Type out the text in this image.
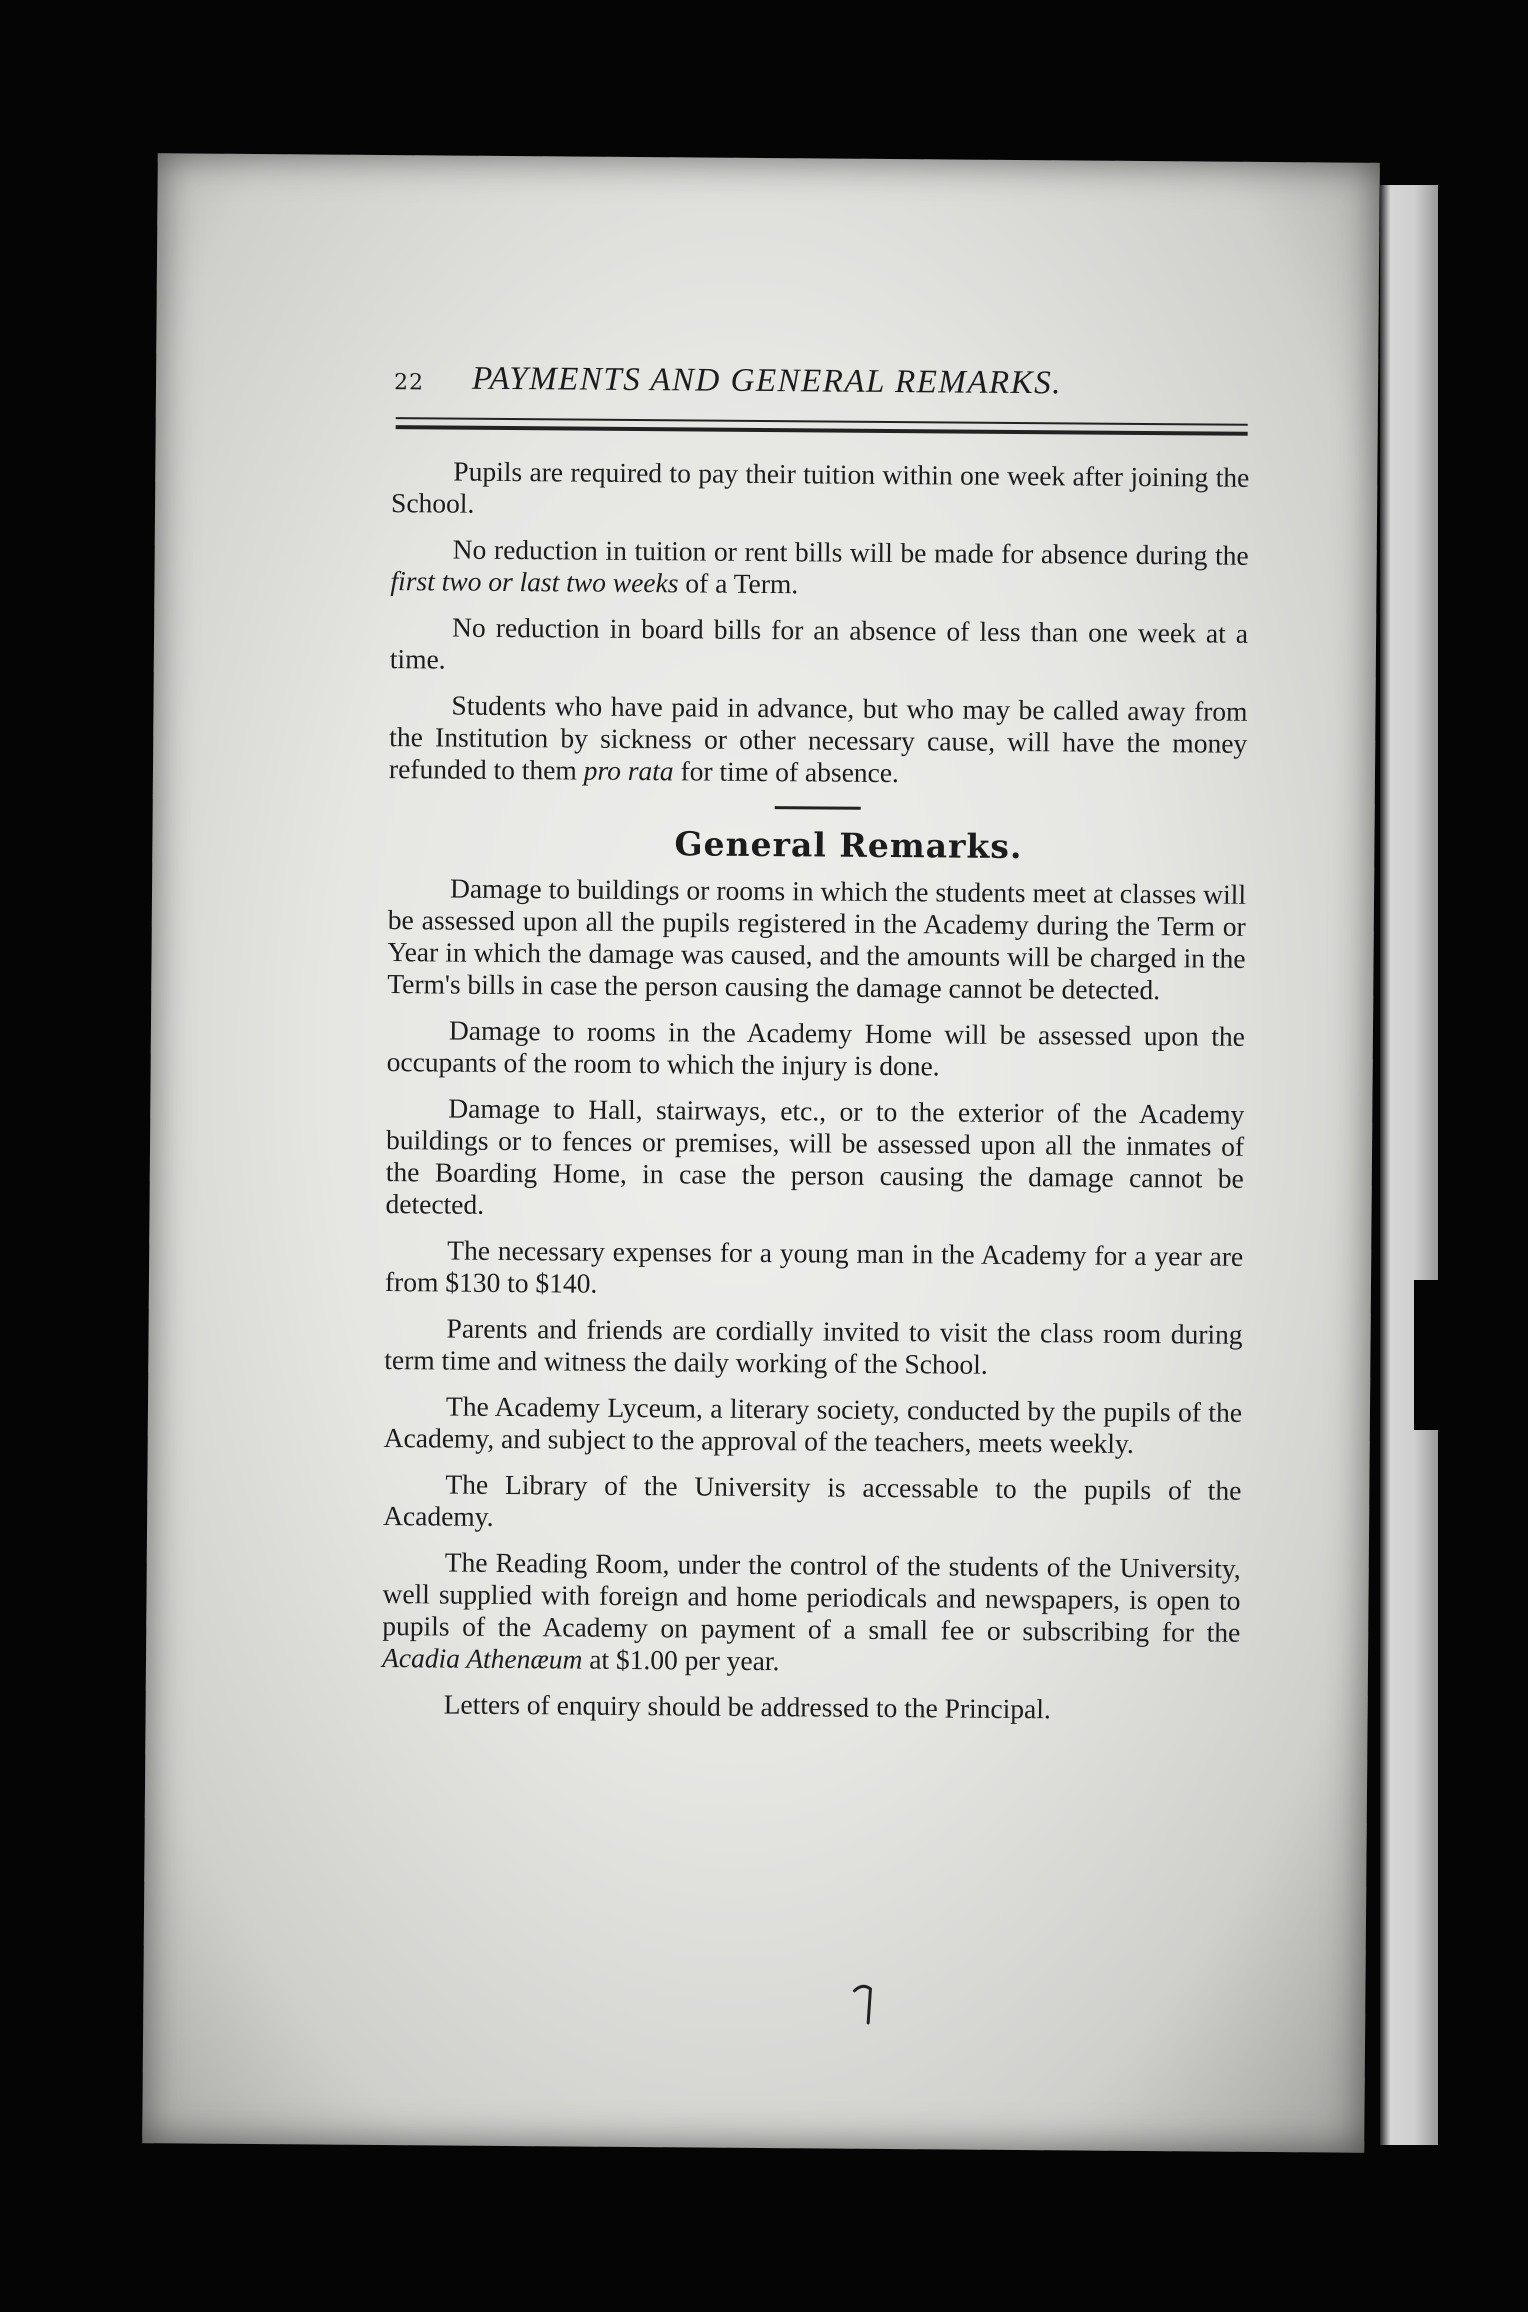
22 PAYMENTS AND GENERAL REMARKS.

Pupils are required to pay their tuition within one week after joining the School.

No reduction in tuition or rent bills will be made for absence during the first two or last two weeks of a Term.

No reduction in board bills for an absence of less than one week at a time.

Students who have paid in advance, but who may be called away from the Institution by sickness or other necessary cause, will have the money refunded to them pro rata for time of absence.

General Remarks.

Damage to buildings or rooms in which the students meet at classes will be assessed upon all the pupils registered in the Academy during the Term or Year in which the damage was caused, and the amounts will be charged in the Term's bills in case the person causing the damage cannot be detected.

Damage to rooms in the Academy Home will be assessed upon the occupants of the room to which the injury is done.

Damage to Hall, stairways, etc., or to the exterior of the Academy buildings or to fences or premises, will be assessed upon all the inmates of the Boarding Home, in case the person causing the damage cannot be detected.

The necessary expenses for a young man in the Academy for a year are from $130 to $140.

Parents and friends are cordially invited to visit the class room during term time and witness the daily working of the School.

The Academy Lyceum, a literary society, conducted by the pupils of the Academy, and subject to the approval of the teachers, meets weekly.

The Library of the University is accessable to the pupils of the Academy.

The Reading Room, under the control of the students of the University, well supplied with foreign and home periodicals and newspapers, is open to pupils of the Academy on payment of a small fee or subscribing for the Acadia Athenæum at $1.00 per year.

Letters of enquiry should be addressed to the Principal.
